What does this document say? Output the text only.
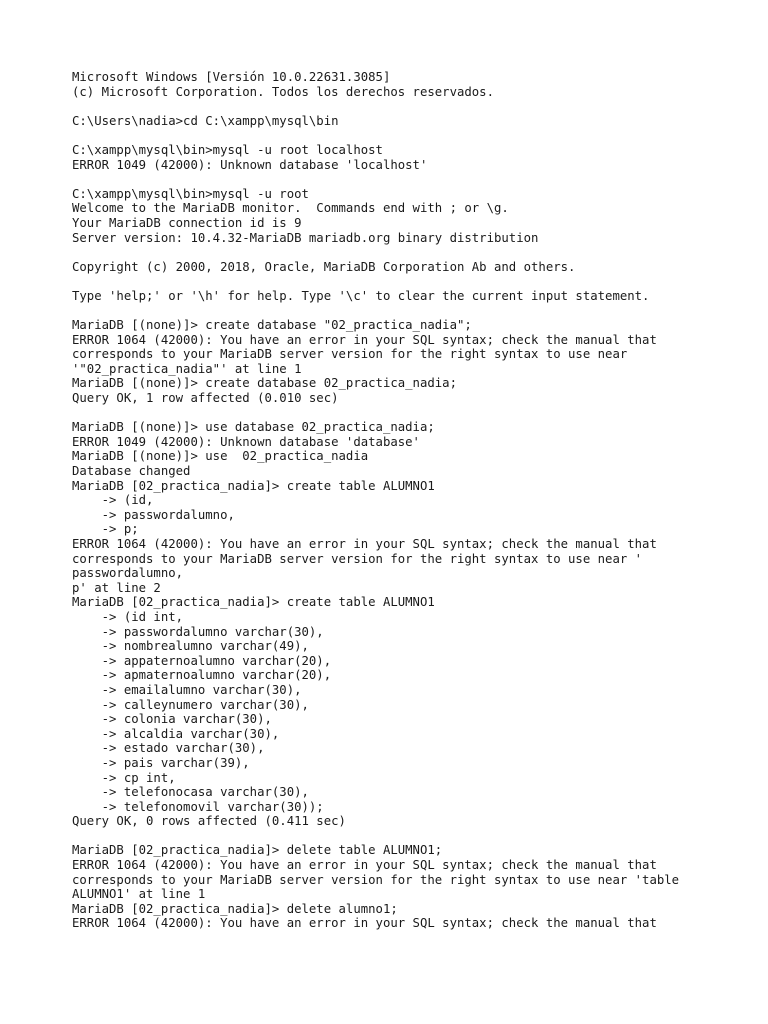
Microsoft Windows [Versión 10.0.22631.3085]
(c) Microsoft Corporation. Todos los derechos reservados.
C:\Users\nadia>cd C:\xampp\mysql\bin
C:\xampp\mysql\bin>mysql -u root localhost
ERROR 1049 (42000): Unknown database 'localhost'
C:\xampp\mysql\bin>mysql -u root
Welcome to the MariaDB monitor.  Commands end with ; or \g.
Your MariaDB connection id is 9
Server version: 10.4.32-MariaDB mariadb.org binary distribution
Copyright (c) 2000, 2018, Oracle, MariaDB Corporation Ab and others.
Type 'help;' or '\h' for help. Type '\c' to clear the current input statement.
MariaDB [(none)]> create database "02_practica_nadia";
ERROR 1064 (42000): You have an error in your SQL syntax; check the manual that
corresponds to your MariaDB server version for the right syntax to use near
'"02_practica_nadia"' at line 1
MariaDB [(none)]> create database 02_practica_nadia;
Query OK, 1 row affected (0.010 sec)
MariaDB [(none)]> use database 02_practica_nadia;
ERROR 1049 (42000): Unknown database 'database'
MariaDB [(none)]> use  02_practica_nadia
Database changed
MariaDB [02_practica_nadia]> create table ALUMNO1
-> (id,
-> passwordalumno,
-> p;
ERROR 1064 (42000): You have an error in your SQL syntax; check the manual that
corresponds to your MariaDB server version for the right syntax to use near '
passwordalumno,
p' at line 2
MariaDB [02_practica_nadia]> create table ALUMNO1
-> (id int,
-> passwordalumno varchar(30),
-> nombrealumno varchar(49),
-> appaternoalumno varchar(20),
-> apmaternoalumno varchar(20),
-> emailalumno varchar(30),
-> calleynumero varchar(30),
-> colonia varchar(30),
-> alcaldia varchar(30),
-> estado varchar(30),
-> pais varchar(39),
-> cp int,
-> telefonocasa varchar(30),
-> telefonomovil varchar(30));
Query OK, 0 rows affected (0.411 sec)
MariaDB [02_practica_nadia]> delete table ALUMNO1;
ERROR 1064 (42000): You have an error in your SQL syntax; check the manual that
corresponds to your MariaDB server version for the right syntax to use near 'table
ALUMNO1' at line 1
MariaDB [02_practica_nadia]> delete alumno1;
ERROR 1064 (42000): You have an error in your SQL syntax; check the manual that
